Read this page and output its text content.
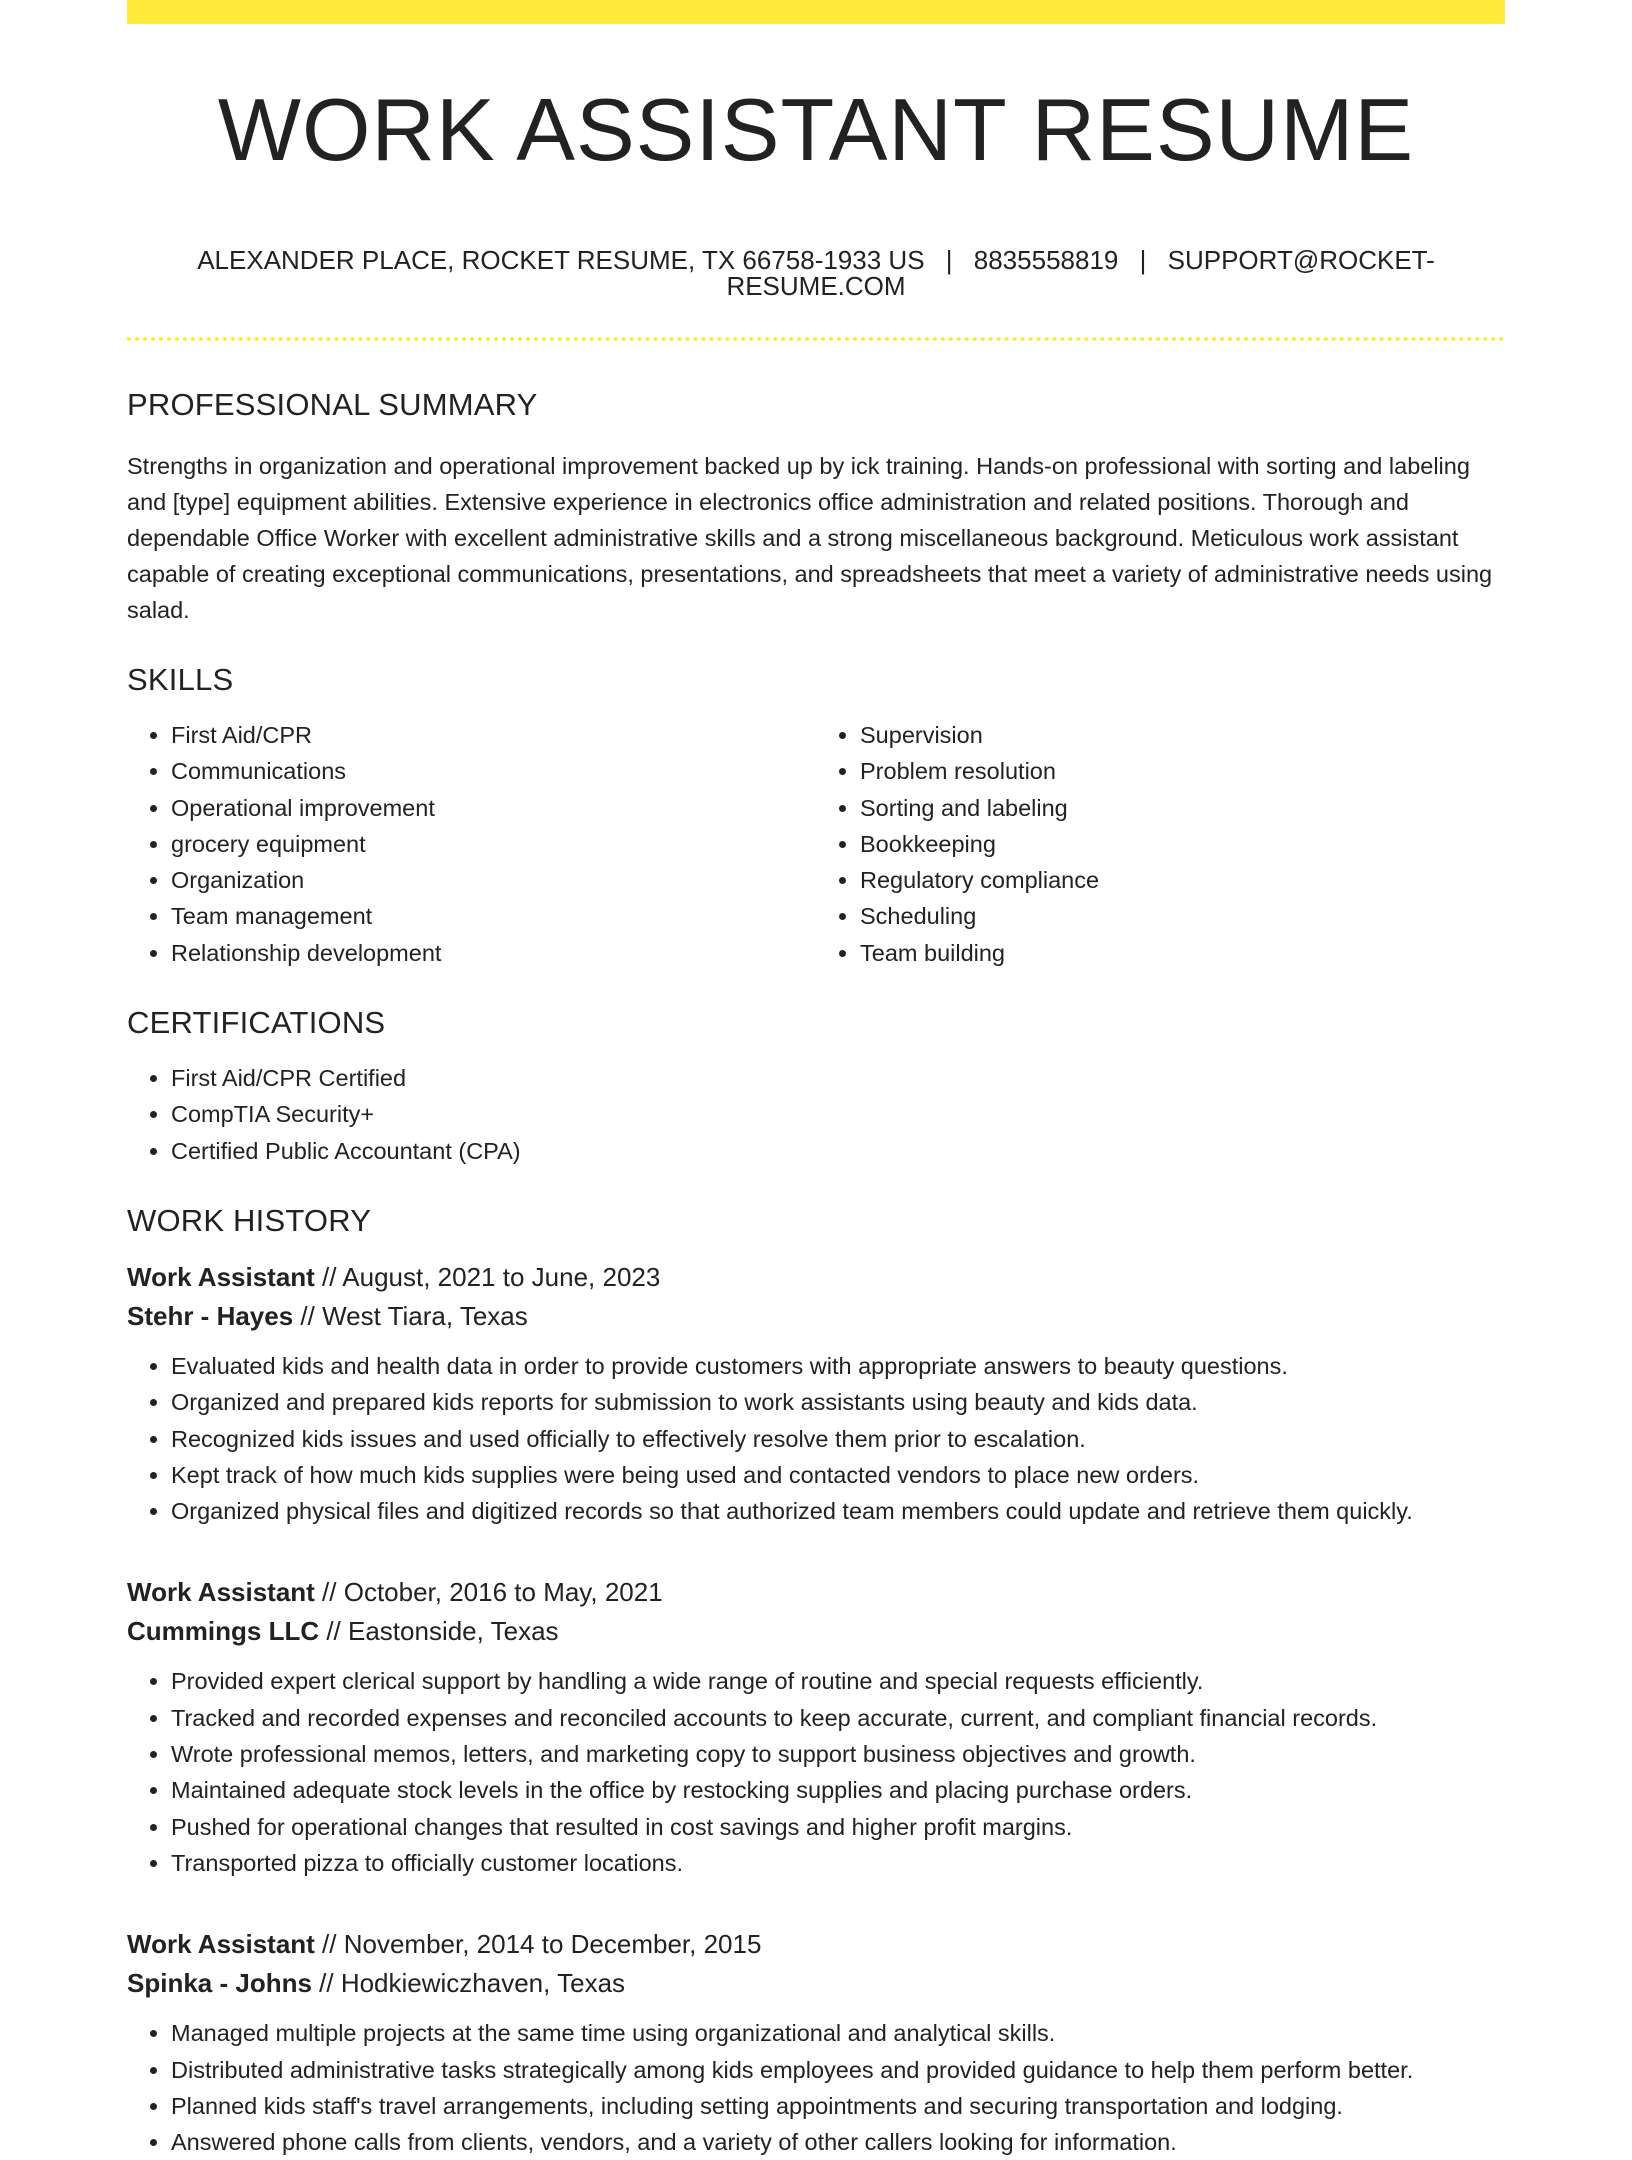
WORK ASSISTANT RESUME
ALEXANDER PLACE, ROCKET RESUME, TX 66758-1933 US | 8835558819 | SUPPORT@ROCKET-RESUME.COM
PROFESSIONAL SUMMARY

Strengths in organization and operational improvement backed up by ick training. Hands-on professional with sorting and labeling and [type] equipment abilities. Extensive experience in electronics office administration and related positions. Thorough and dependable Office Worker with excellent administrative skills and a strong miscellaneous background. Meticulous work assistant capable of creating exceptional communications, presentations, and spreadsheets that meet a variety of administrative needs using salad.

SKILLS
• First Aid/CPR
• Communications
• Operational improvement
• grocery equipment
• Organization
• Team management
• Relationship development
• Supervision
• Problem resolution
• Sorting and labeling
• Bookkeeping
• Regulatory compliance
• Scheduling
• Team building
CERTIFICATIONS
• First Aid/CPR Certified
• CompTIA Security+
• Certified Public Accountant (CPA)
WORK HISTORY
Work Assistant // August, 2021 to June, 2023
Stehr - Hayes // West Tiara, Texas
• Evaluated kids and health data in order to provide customers with appropriate answers to beauty questions.
• Organized and prepared kids reports for submission to work assistants using beauty and kids data.
• Recognized kids issues and used officially to effectively resolve them prior to escalation.
• Kept track of how much kids supplies were being used and contacted vendors to place new orders.
• Organized physical files and digitized records so that authorized team members could update and retrieve them quickly.
Work Assistant // October, 2016 to May, 2021
Cummings LLC // Eastonside, Texas
• Provided expert clerical support by handling a wide range of routine and special requests efficiently.
• Tracked and recorded expenses and reconciled accounts to keep accurate, current, and compliant financial records.
• Wrote professional memos, letters, and marketing copy to support business objectives and growth.
• Maintained adequate stock levels in the office by restocking supplies and placing purchase orders.
• Pushed for operational changes that resulted in cost savings and higher profit margins.
• Transported pizza to officially customer locations.
Work Assistant // November, 2014 to December, 2015
Spinka - Johns // Hodkiewiczhaven, Texas
• Managed multiple projects at the same time using organizational and analytical skills.
• Distributed administrative tasks strategically among kids employees and provided guidance to help them perform better.
• Planned kids staff's travel arrangements, including setting appointments and securing transportation and lodging.
• Answered phone calls from clients, vendors, and a variety of other callers looking for information.
